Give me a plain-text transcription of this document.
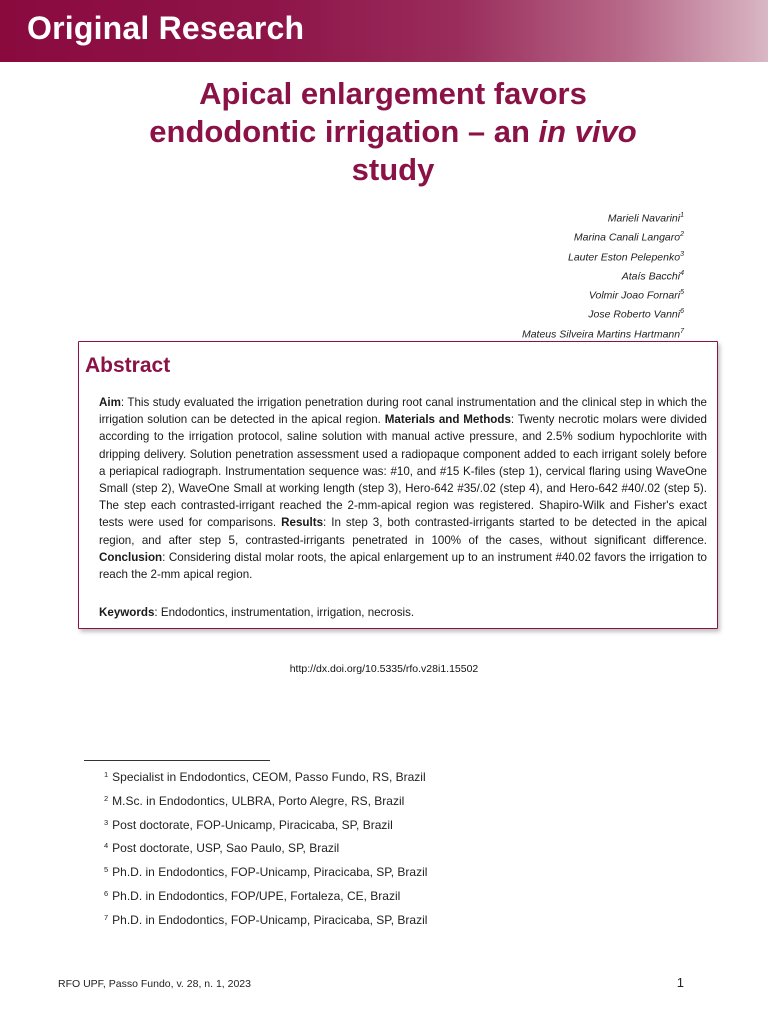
Original Research
Apical enlargement favors
endodontic irrigation – an in vivo
study
Marieli Navarini$^1$
Marina Canali Langaro$^2$
Lauter Eston Pelepenko$^3$
Ataís Bacchi$^4$
Volmir Joao Fornari$^5$
Jose Roberto Vanni$^6$
Mateus Silveira Martins Hartmann$^7$
Abstract
Aim: This study evaluated the irrigation penetration during root canal instrumentation and the clinical step in which the irrigation solution can be detected in the apical region. Materials and Methods: Twenty necrotic molars were divided according to the irrigation protocol, saline solution with manual active pressure, and 2.5% sodium hypochlorite with dripping delivery. Solution penetration assessment used a radiopaque component added to each irrigant solely before a periapical radiograph. Instrumentation sequence was: #10, and #15 K-files (step 1), cervical flaring using WaveOne Small (step 2), WaveOne Small at working length (step 3), Hero-642 #35/.02 (step 4), and Hero-642 #40/.02 (step 5). The step each contrasted-irrigant reached the 2-mm-apical region was registered. Shapiro-Wilk and Fisher's exact tests were used for comparisons. Results: In step 3, both contrasted-irrigants started to be detected in the apical region, and after step 5, contrasted-irrigants penetrated in 100% of the cases, without significant difference. Conclusion: Considering distal molar roots, the apical enlargement up to an instrument #40.02 favors the irrigation to reach the 2-mm apical region.
Keywords: Endodontics, instrumentation, irrigation, necrosis.
http://dx.doi.org/10.5335/rfo.v28i1.15502
$^1$ Specialist in Endodontics, CEOM, Passo Fundo, RS, Brazil
$^2$ M.Sc. in Endodontics, ULBRA, Porto Alegre, RS, Brazil
$^3$ Post doctorate, FOP-Unicamp, Piracicaba, SP, Brazil
$^4$ Post doctorate, USP, Sao Paulo, SP, Brazil
$^5$ Ph.D. in Endodontics, FOP-Unicamp, Piracicaba, SP, Brazil
$^6$ Ph.D. in Endodontics, FOP/UPE, Fortaleza, CE, Brazil
$^7$ Ph.D. in Endodontics, FOP-Unicamp, Piracicaba, SP, Brazil
RFO UPF, Passo Fundo, v. 28, n. 1, 2023	1
